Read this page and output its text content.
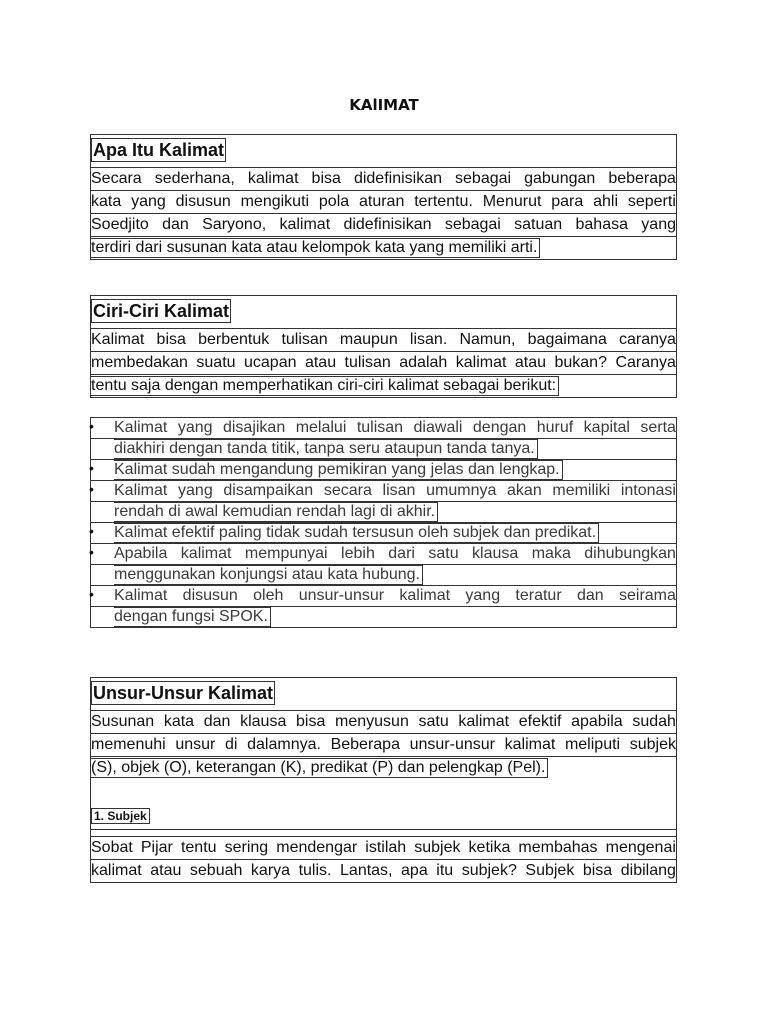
KAlIMAT
Apa Itu Kalimat
Secara sederhana, kalimat bisa didefinisikan sebagai gabungan beberapa
kata yang disusun mengikuti pola aturan tertentu. Menurut para ahli seperti
Soedjito dan Saryono, kalimat didefinisikan sebagai satuan bahasa yang
terdiri dari susunan kata atau kelompok kata yang memiliki arti.
Ciri-Ciri Kalimat
Kalimat bisa berbentuk tulisan maupun lisan. Namun, bagaimana caranya
membedakan suatu ucapan atau tulisan adalah kalimat atau bukan? Caranya
tentu saja dengan memperhatikan ciri-ciri kalimat sebagai berikut:
• Kalimat yang disajikan melalui tulisan diawali dengan huruf kapital serta
diakhiri dengan tanda titik, tanpa seru ataupun tanda tanya.
• Kalimat sudah mengandung pemikiran yang jelas dan lengkap.
• Kalimat yang disampaikan secara lisan umumnya akan memiliki intonasi
rendah di awal kemudian rendah lagi di akhir.
• Kalimat efektif paling tidak sudah tersusun oleh subjek dan predikat.
• Apabila kalimat mempunyai lebih dari satu klausa maka dihubungkan
menggunakan konjungsi atau kata hubung.
• Kalimat disusun oleh unsur-unsur kalimat yang teratur dan seirama
dengan fungsi SPOK.
Unsur-Unsur Kalimat
Susunan kata dan klausa bisa menyusun satu kalimat efektif apabila sudah
memenuhi unsur di dalamnya. Beberapa unsur-unsur kalimat meliputi subjek
(S), objek (O), keterangan (K), predikat (P) dan pelengkap (Pel).
1. Subjek
Sobat Pijar tentu sering mendengar istilah subjek ketika membahas mengenai
kalimat atau sebuah karya tulis. Lantas, apa itu subjek? Subjek bisa dibilang
